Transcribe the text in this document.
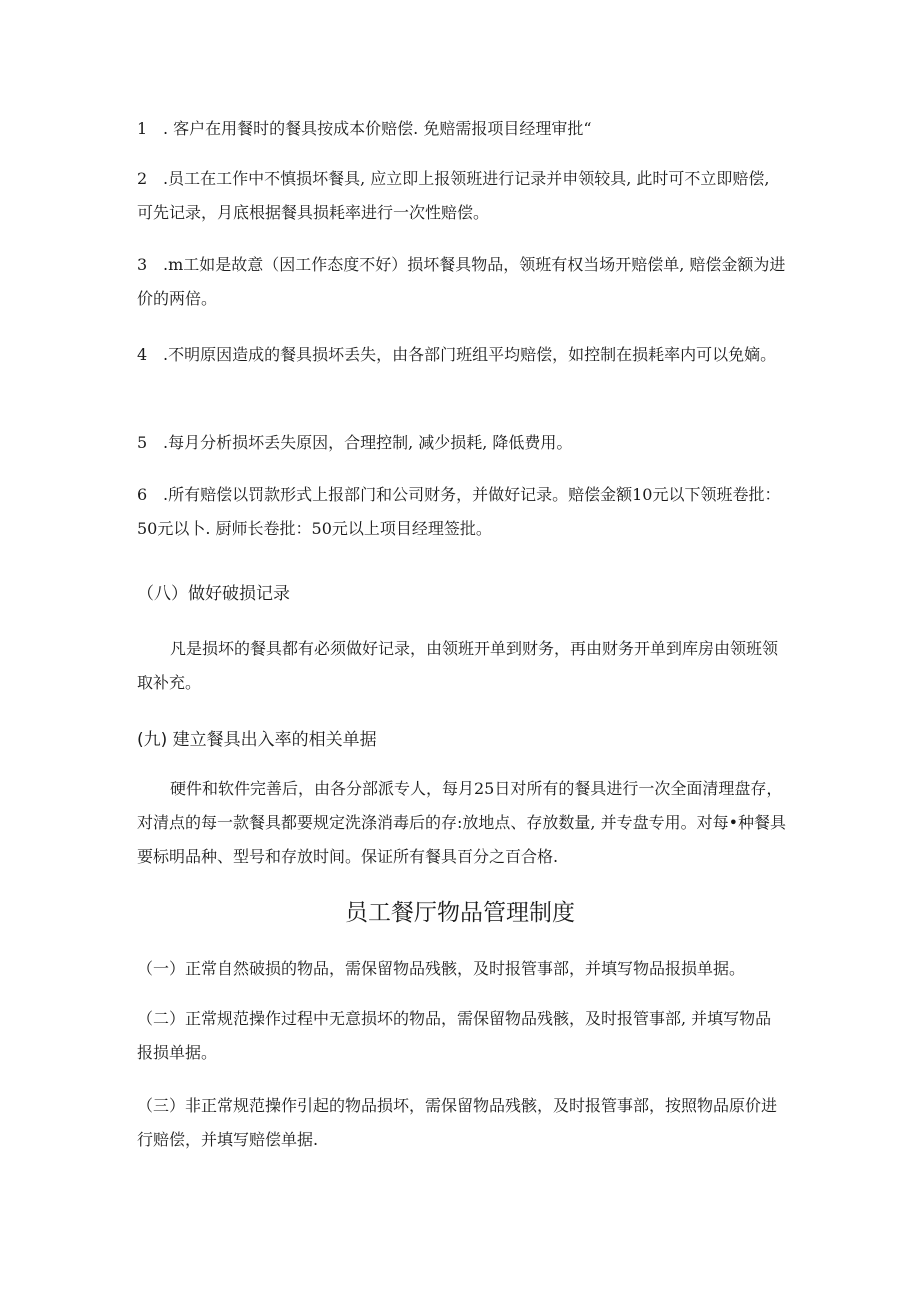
1 . 客户在用餐时的餐具按成本价赔偿. 免赔需报项目经理审批“

2 .员工在工作中不慎损坏餐具, 应立即上报领班进行记录并申领较具, 此时可不立即赔偿, 可先记录，月底根据餐具损耗率进行一次性赔偿。

3 .m工如是故意（因工作态度不好）损坏餐具物品，领班有权当场开赔偿单, 赔偿金额为进价的两倍。

4 .不明原因造成的餐具损坏丢失，由各部门班组平均赔偿，如控制在损耗率内可以免嫡。

5 .每月分析损坏丢失原因，合理控制, 减少损耗, 降低费用。

6 .所有赔偿以罚款形式上报部门和公司财务，并做好记录。赔偿金额10元以下领班卷批：50元以卜. 厨师长卷批：50元以上项目经理签批。

（八）做好破损记录

凡是损坏的餐具都有必须做好记录，由领班开单到财务，再由财务开单到库房由领班领取补充。

(九) 建立餐具出入率的相关单据

硬件和软件完善后，由各分部派专人，每月25日对所有的餐具进行一次全面清理盘存，对清点的每一款餐具都要规定洗涤消毒后的存:放地点、存放数量, 并专盘专用。对每•种餐具要标明品种、型号和存放时间。保证所有餐具百分之百合格.

员工餐厅物品管理制度

（一）正常自然破损的物品，需保留物品残骸，及时报管事部，并填写物品报损单据。

（二）正常规范操作过程中无意损坏的物品，需保留物品残骸，及时报管事部, 并填写物品报损单据。

（三）非正常规范操作引起的物品损坏，需保留物品残骸，及时报管事部，按照物品原价进行赔偿，并填写赔偿单据.
